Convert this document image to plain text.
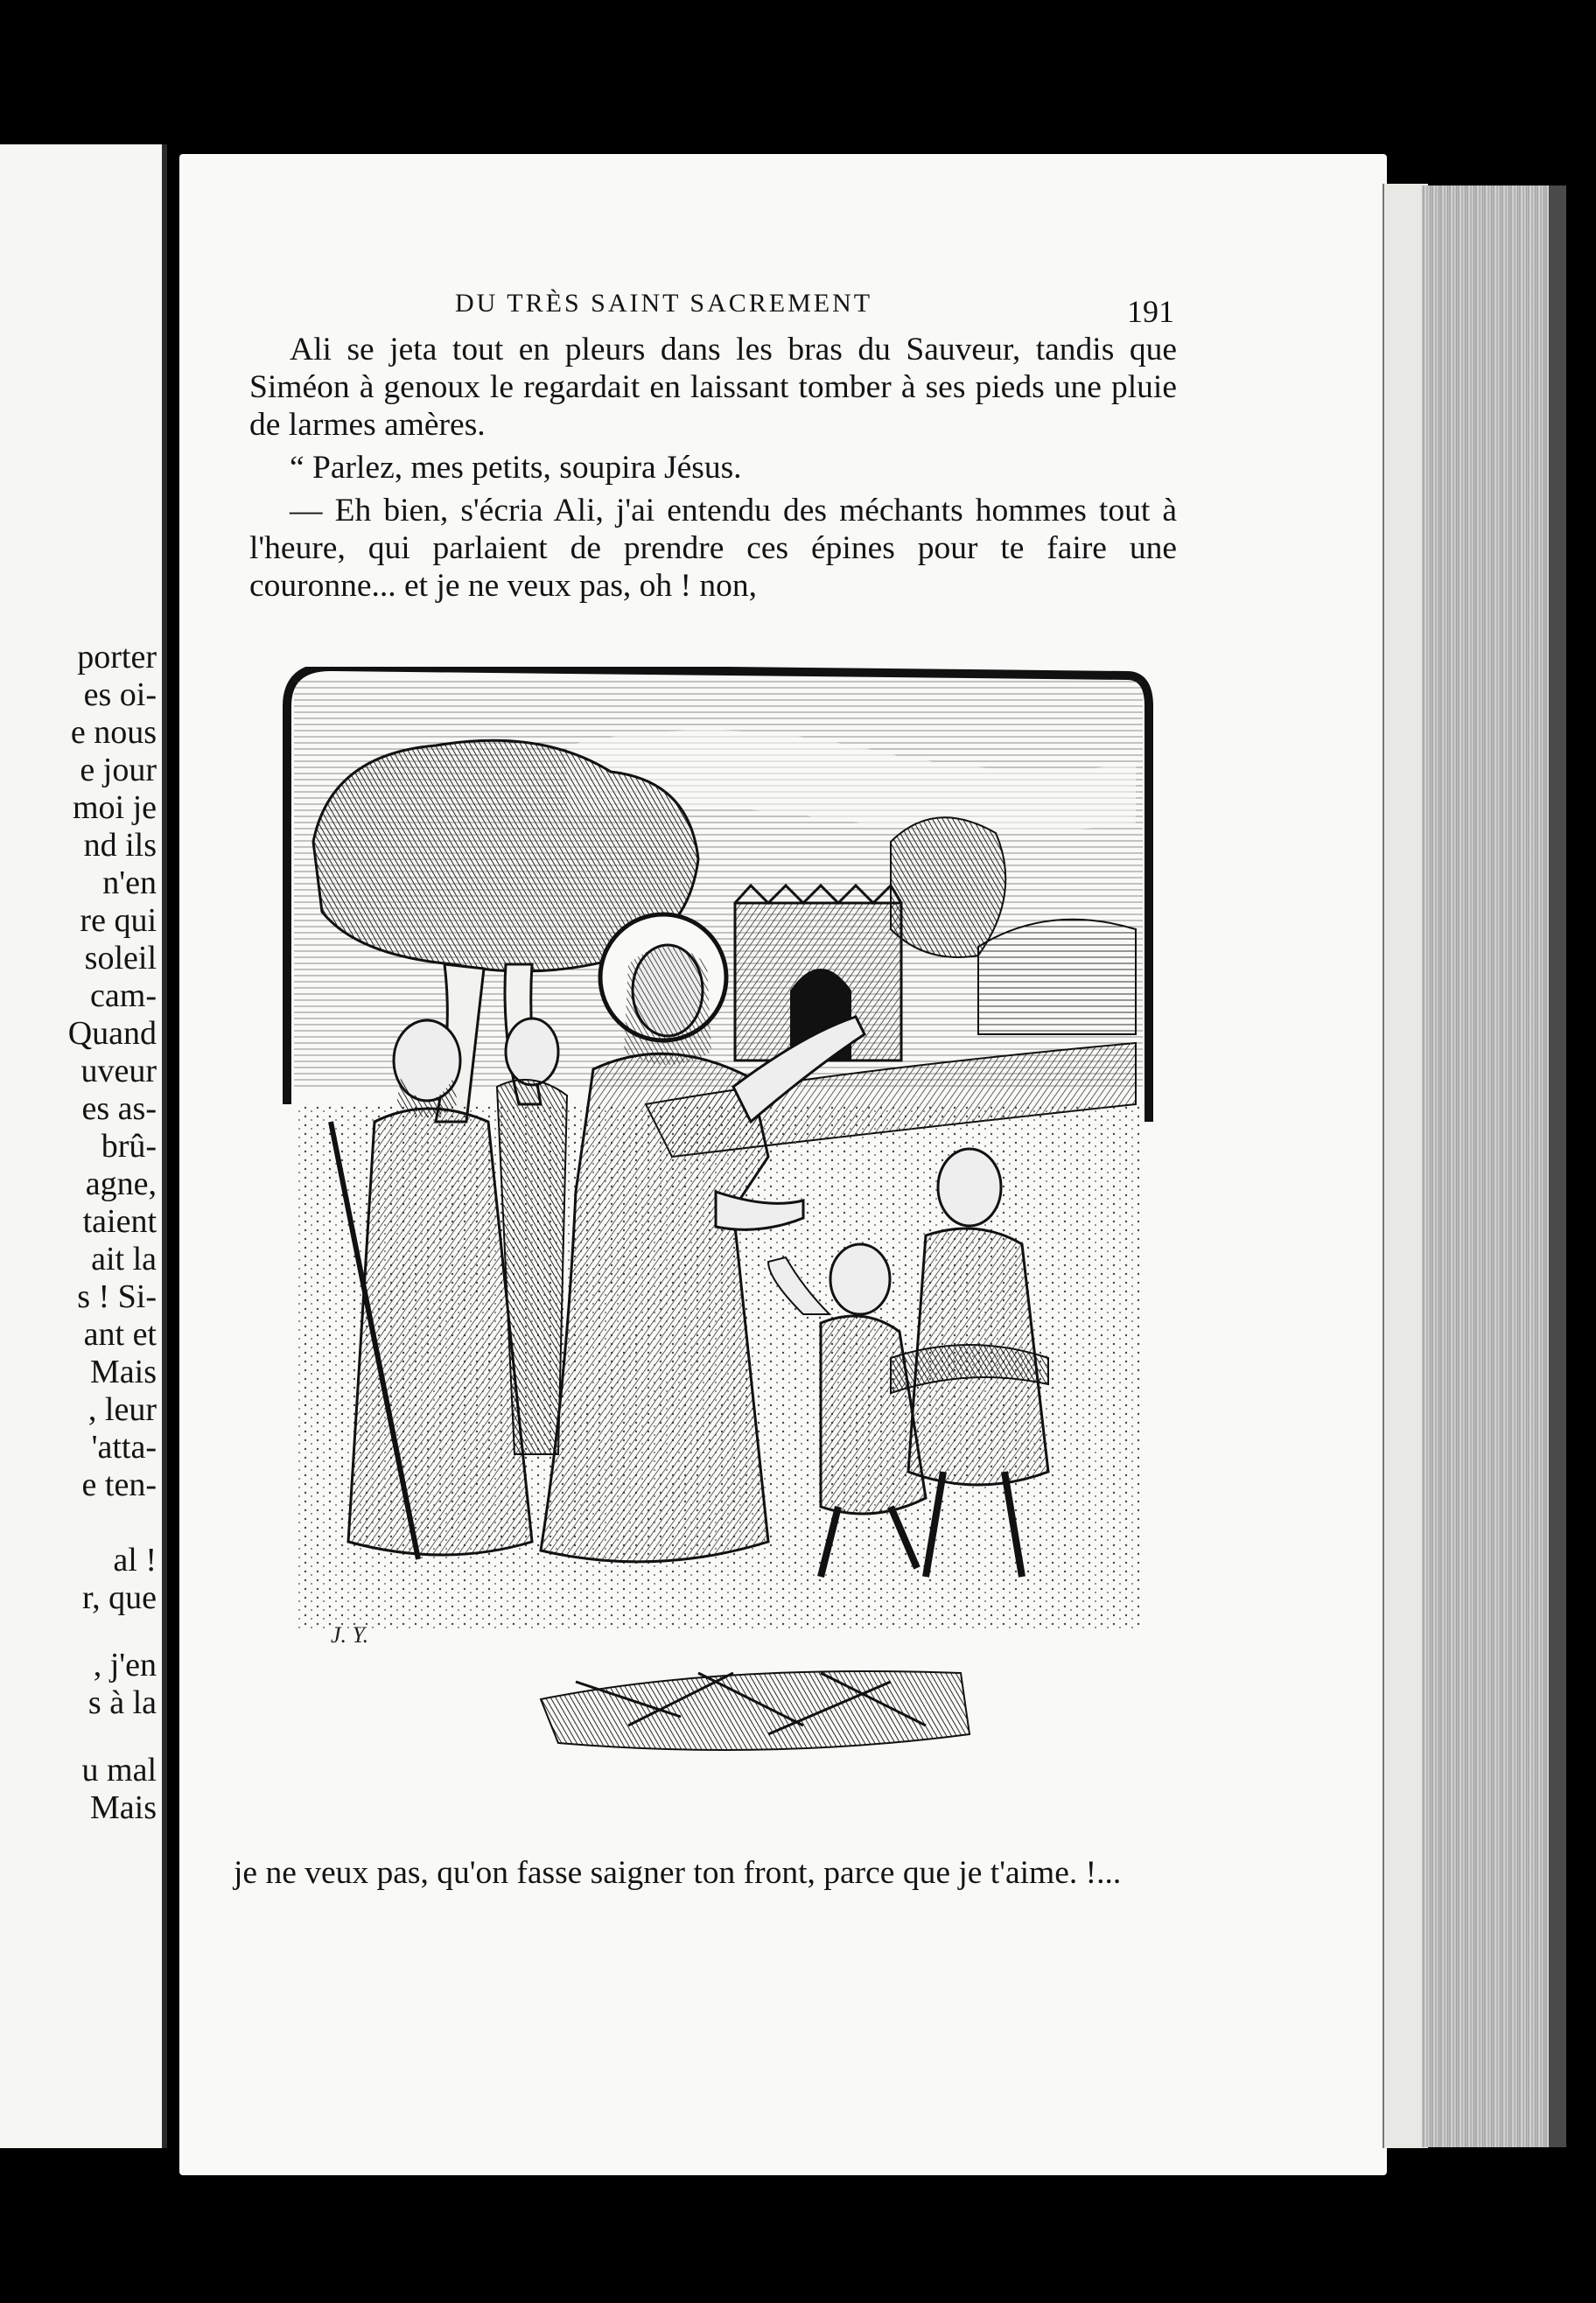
porter
es oi-
e nous
e jour
moi je
nd ils
n'en
re qui
soleil
cam-
Quand
uveur
es as-
brû-
agne,
taient
ait la
s ! Si-
ant et
Mais
, leur
'atta-
e ten-
al !
r, que
, j'en
s à la
u mal
Mais
DU TRÈS SAINT SACREMENT	191

Ali se jeta tout en pleurs dans les bras du Sauveur, tandis que Siméon à genoux le regardait en laissant tomber à ses pieds une pluie de larmes amères.

“ Parlez, mes petits, soupira Jésus.

— Eh bien, s'écria Ali, j'ai entendu des méchants hommes tout à l'heure, qui parlaient de prendre ces épines pour te faire une couronne... et je ne veux pas, oh ! non,

J. Y.

je ne veux pas, qu'on fasse saigner ton front, parce que je t'aime. !...
